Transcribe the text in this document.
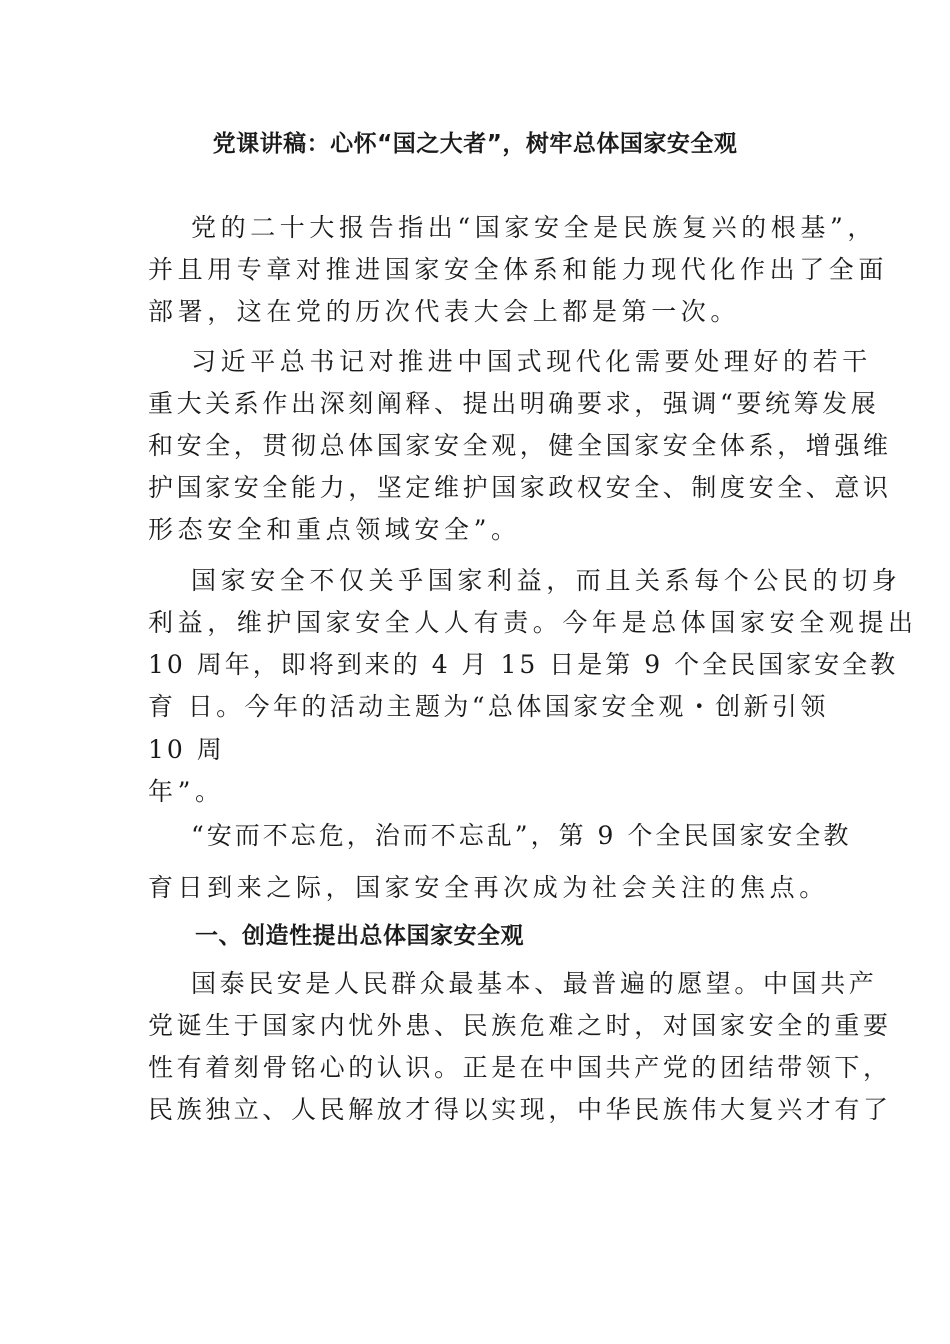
党课讲稿：心怀“国之大者”，树牢总体国家安全观
党的二十大报告指出“国家安全是民族复兴的根基”，
并且用专章对推进国家安全体系和能力现代化作出了全面
部署，这在党的历次代表大会上都是第一次。
习近平总书记对推进中国式现代化需要处理好的若干
重大关系作出深刻阐释、提出明确要求，强调“要统筹发展
和安全，贯彻总体国家安全观，健全国家安全体系，增强维
护国家安全能力，坚定维护国家政权安全、制度安全、意识
形态安全和重点领域安全”。
国家安全不仅关乎国家利益，而且关系每个公民的切身
利益，维护国家安全人人有责。今年是总体国家安全观提出
10 周年，即将到来的 4 月 15 日是第 9 个全民国家安全教
育 日。今年的活动主题为“总体国家安全观・创新引领
10 周
年”。
“安而不忘危，治而不忘乱”，第 9 个全民国家安全教
育日到来之际，国家安全再次成为社会关注的焦点。
一、创造性提出总体国家安全观
国泰民安是人民群众最基本、最普遍的愿望。中国共产
党诞生于国家内忧外患、民族危难之时，对国家安全的重要
性有着刻骨铭心的认识。正是在中国共产党的团结带领下，
民族独立、人民解放才得以实现，中华民族伟大复兴才有了
